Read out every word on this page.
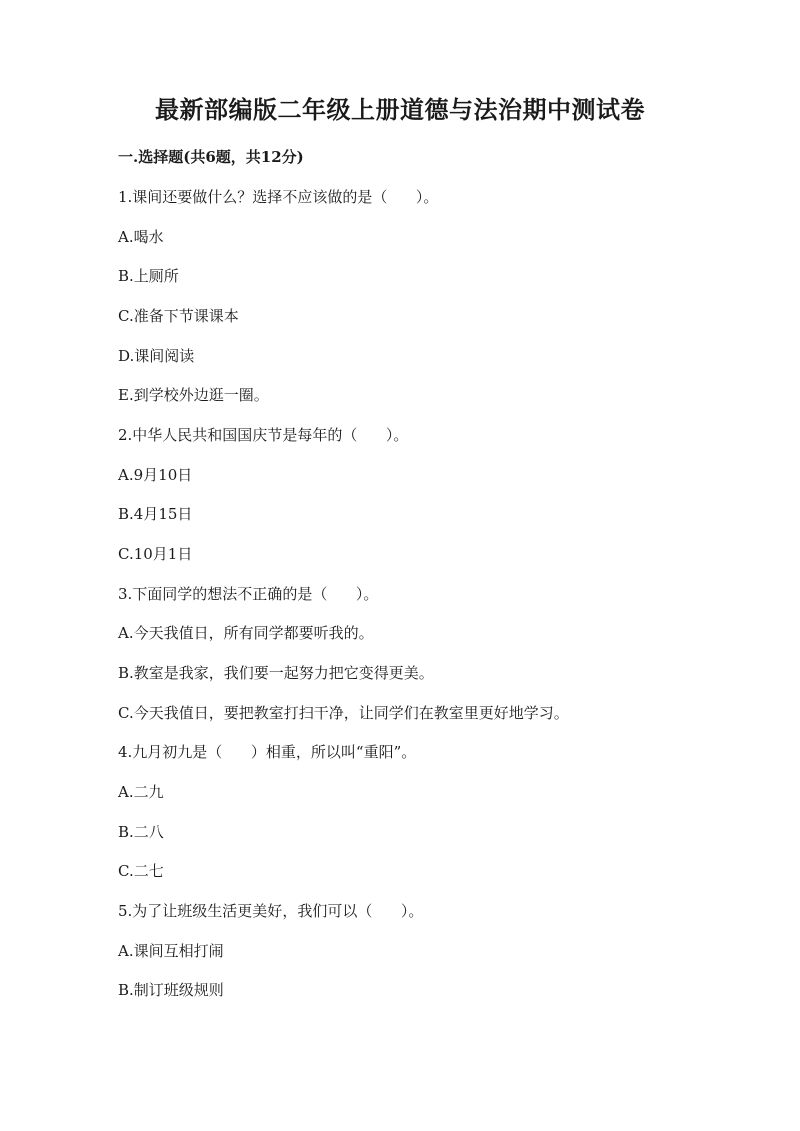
最新部编版二年级上册道德与法治期中测试卷
一.选择题(共6题，共12分)
1.课间还要做什么？选择不应该做的是（      ）。
A.喝水
B.上厕所
C.准备下节课课本
D.课间阅读
E.到学校外边逛一圈。
2.中华人民共和国国庆节是每年的（      ）。
A.9月10日
B.4月15日
C.10月1日
3.下面同学的想法不正确的是（      ）。
A.今天我值日，所有同学都要听我的。
B.教室是我家，我们要一起努力把它变得更美。
C.今天我值日，要把教室打扫干净，让同学们在教室里更好地学习。
4.九月初九是（      ）相重，所以叫“重阳”。
A.二九
B.二八
C.二七
5.为了让班级生活更美好，我们可以（      ）。
A.课间互相打闹
B.制订班级规则
